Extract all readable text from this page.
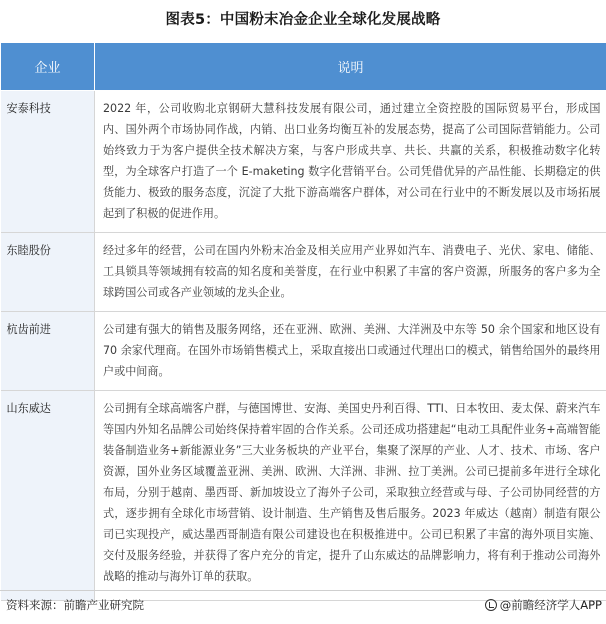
图表5：中国粉末冶金企业全球化发展战略
企业	说明
安泰科技	2022 年，公司收购北京钢研大慧科技发展有限公司，通过建立全资控股的国际贸易平台，形成国内、国外两个市场协同作战，内销、出口业务均衡互补的发展态势，提高了公司国际营销能力。公司始终致力于为客户提供全技术解决方案，与客户形成共享、共长、共赢的关系，积极推动数字化转型，为全球客户打造了一个 E-maketing 数字化营销平台。公司凭借优异的产品性能、长期稳定的供货能力、极致的服务态度，沉淀了大批下游高端客户群体，对公司在行业中的不断发展以及市场拓展起到了积极的促进作用。
东睦股份	经过多年的经营，公司在国内外粉末冶金及相关应用产业界如汽车、消费电子、光伏、家电、储能、工具锁具等领域拥有较高的知名度和美誉度，在行业中积累了丰富的客户资源，所服务的客户多为全球跨国公司或各产业领域的龙头企业。
杭齿前进	公司建有强大的销售及服务网络，还在亚洲、欧洲、美洲、大洋洲及中东等 50 余个国家和地区设有 70 余家代理商。在国外市场销售模式上，采取直接出口或通过代理出口的模式，销售给国外的最终用户或中间商。
山东威达	公司拥有全球高端客户群，与德国博世、安海、美国史丹利百得、TTI、日本牧田、麦太保、蔚来汽车等国内外知名品牌公司始终保持着牢固的合作关系。公司还成功搭建起“电动工具配件业务+高端智能装备制造业务+新能源业务”三大业务板块的产业平台，集聚了深厚的产业、人才、技术、市场、客户资源，国外业务区域覆盖亚洲、美洲、欧洲、大洋洲、非洲、拉丁美洲。公司已提前多年进行全球化布局，分别于越南、墨西哥、新加坡设立了海外子公司，采取独立经营或与母、子公司协同经营的方式，逐步拥有全球化市场营销、设计制造、生产销售及售后服务。2023 年威达（越南）制造有限公司已实现投产，威达墨西哥制造有限公司建设也在积极推进中。公司已积累了丰富的海外项目实施、交付及服务经验，并获得了客户充分的肯定，提升了山东威达的品牌影响力，将有利于推动公司海外战略的推动与海外订单的获取。
资料来源：前瞻产业研究院	@前瞻经济学人APP
